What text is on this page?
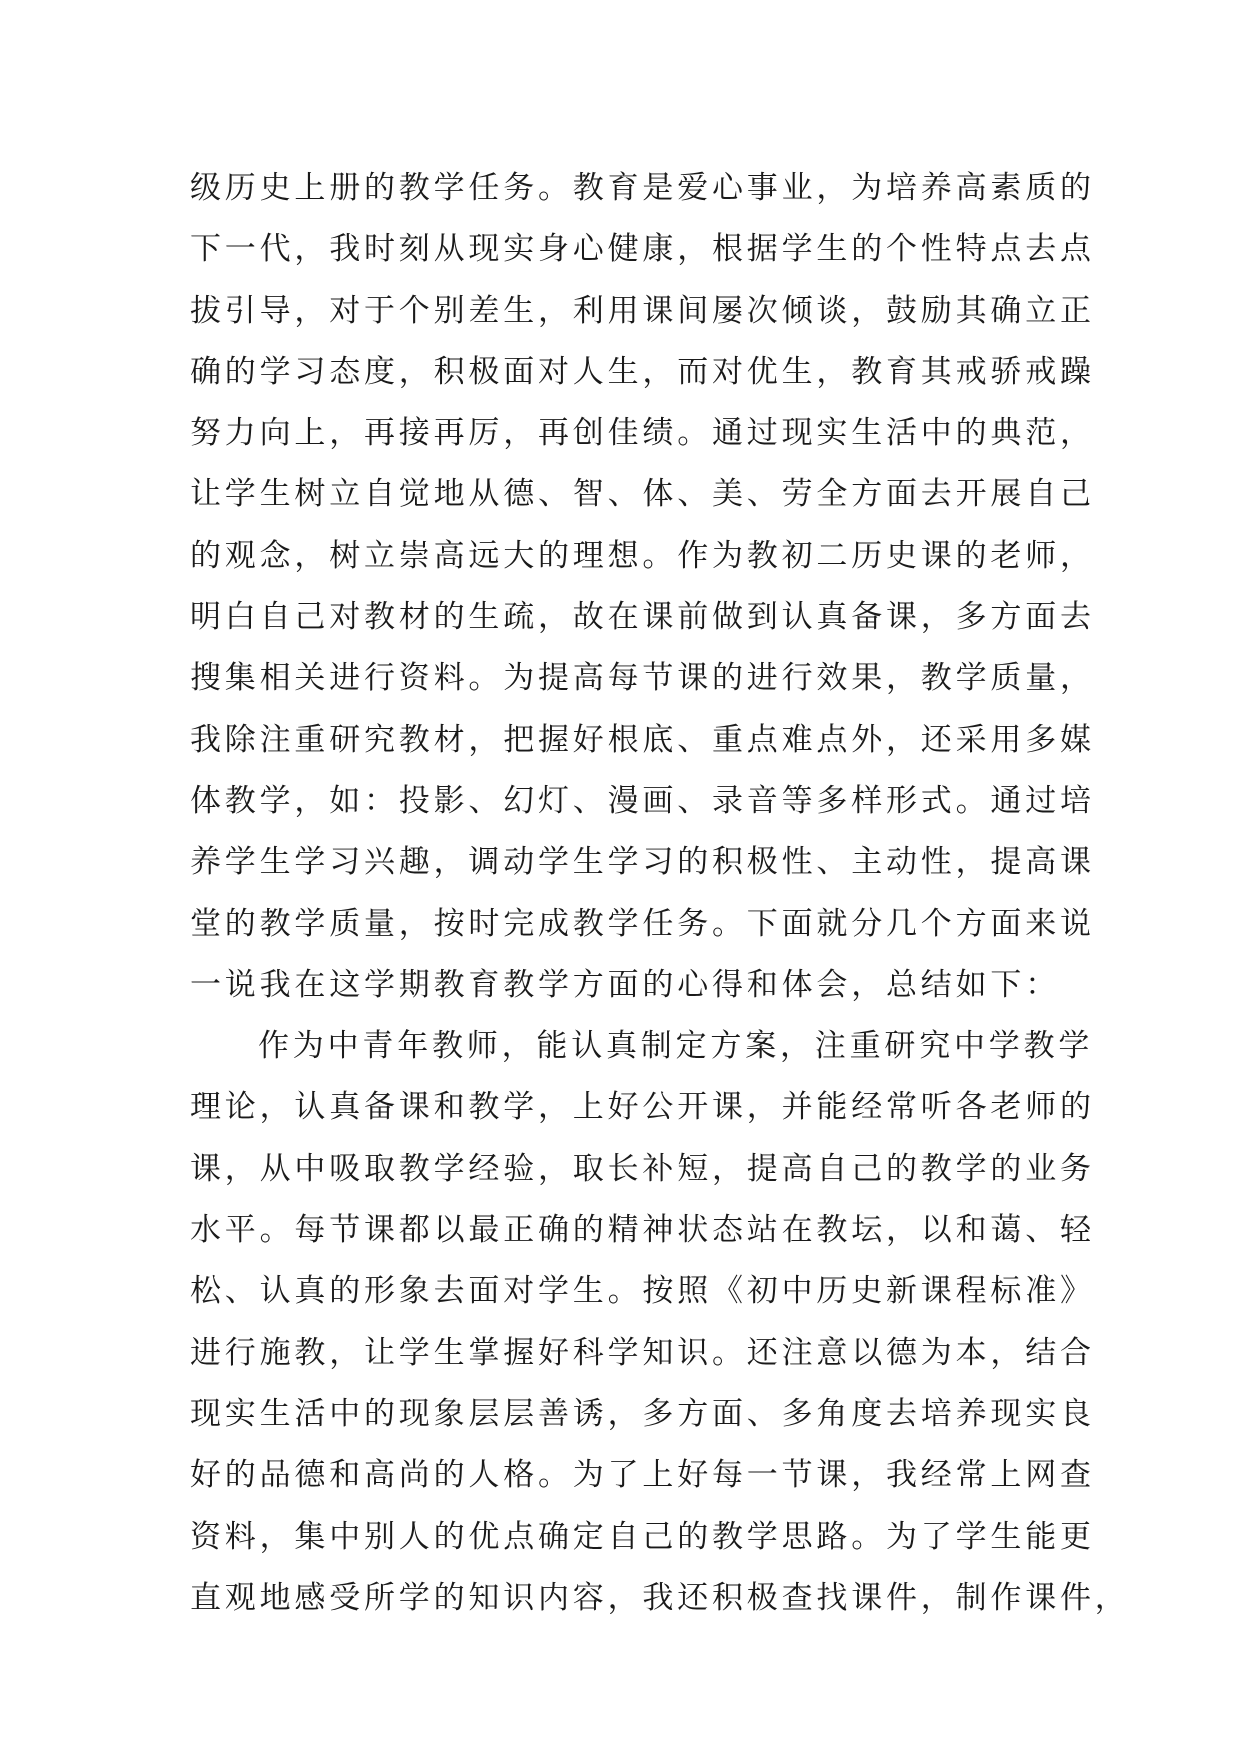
级历史上册的教学任务。教育是爱心事业，为培养高素质的
下一代，我时刻从现实身心健康，根据学生的个性特点去点
拔引导，对于个别差生，利用课间屡次倾谈，鼓励其确立正
确的学习态度，积极面对人生，而对优生，教育其戒骄戒躁
努力向上，再接再厉，再创佳绩。通过现实生活中的典范，
让学生树立自觉地从德、智、体、美、劳全方面去开展自己
的观念，树立崇高远大的理想。作为教初二历史课的老师，
明白自己对教材的生疏，故在课前做到认真备课，多方面去
搜集相关进行资料。为提高每节课的进行效果，教学质量，
我除注重研究教材，把握好根底、重点难点外，还采用多媒
体教学，如：投影、幻灯、漫画、录音等多样形式。通过培
养学生学习兴趣，调动学生学习的积极性、主动性，提高课
堂的教学质量，按时完成教学任务。下面就分几个方面来说
一说我在这学期教育教学方面的心得和体会，总结如下：
作为中青年教师，能认真制定方案，注重研究中学教学
理论，认真备课和教学，上好公开课，并能经常听各老师的
课，从中吸取教学经验，取长补短，提高自己的教学的业务
水平。每节课都以最正确的精神状态站在教坛，以和蔼、轻
松、认真的形象去面对学生。按照《初中历史新课程标准》
进行施教，让学生掌握好科学知识。还注意以德为本，结合
现实生活中的现象层层善诱，多方面、多角度去培养现实良
好的品德和高尚的人格。为了上好每一节课，我经常上网查
资料，集中别人的优点确定自己的教学思路。为了学生能更
直观地感受所学的知识内容，我还积极查找课件，制作课件，
